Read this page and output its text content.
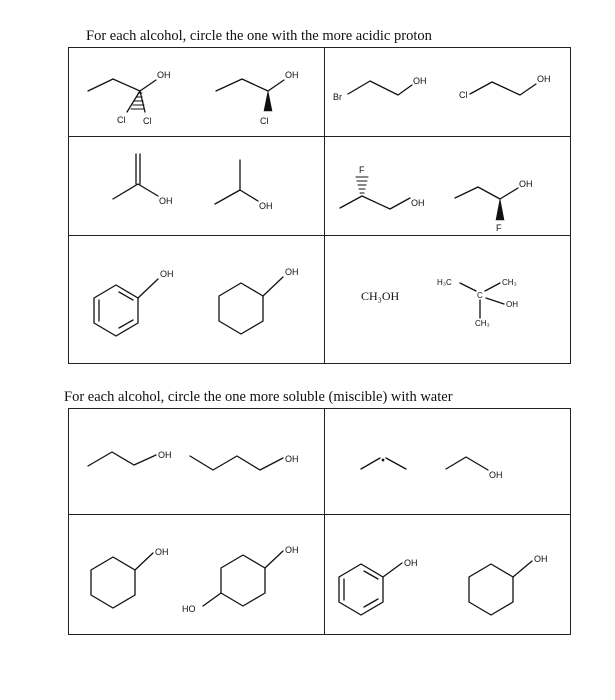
For each alcohol, circle the one with the more acidic proton
OH
Cl Cl
OH
Cl
Br
OH
Cl
OH
OH	OH
F
OH
F
OH
OH	OH
CH₃OH
H₃C	CH₃
C
OH
CH₃
OH	OH
OH
OH	OH
HO
OH	OH
For each alcohol, circle the one more soluble (miscible) with water
